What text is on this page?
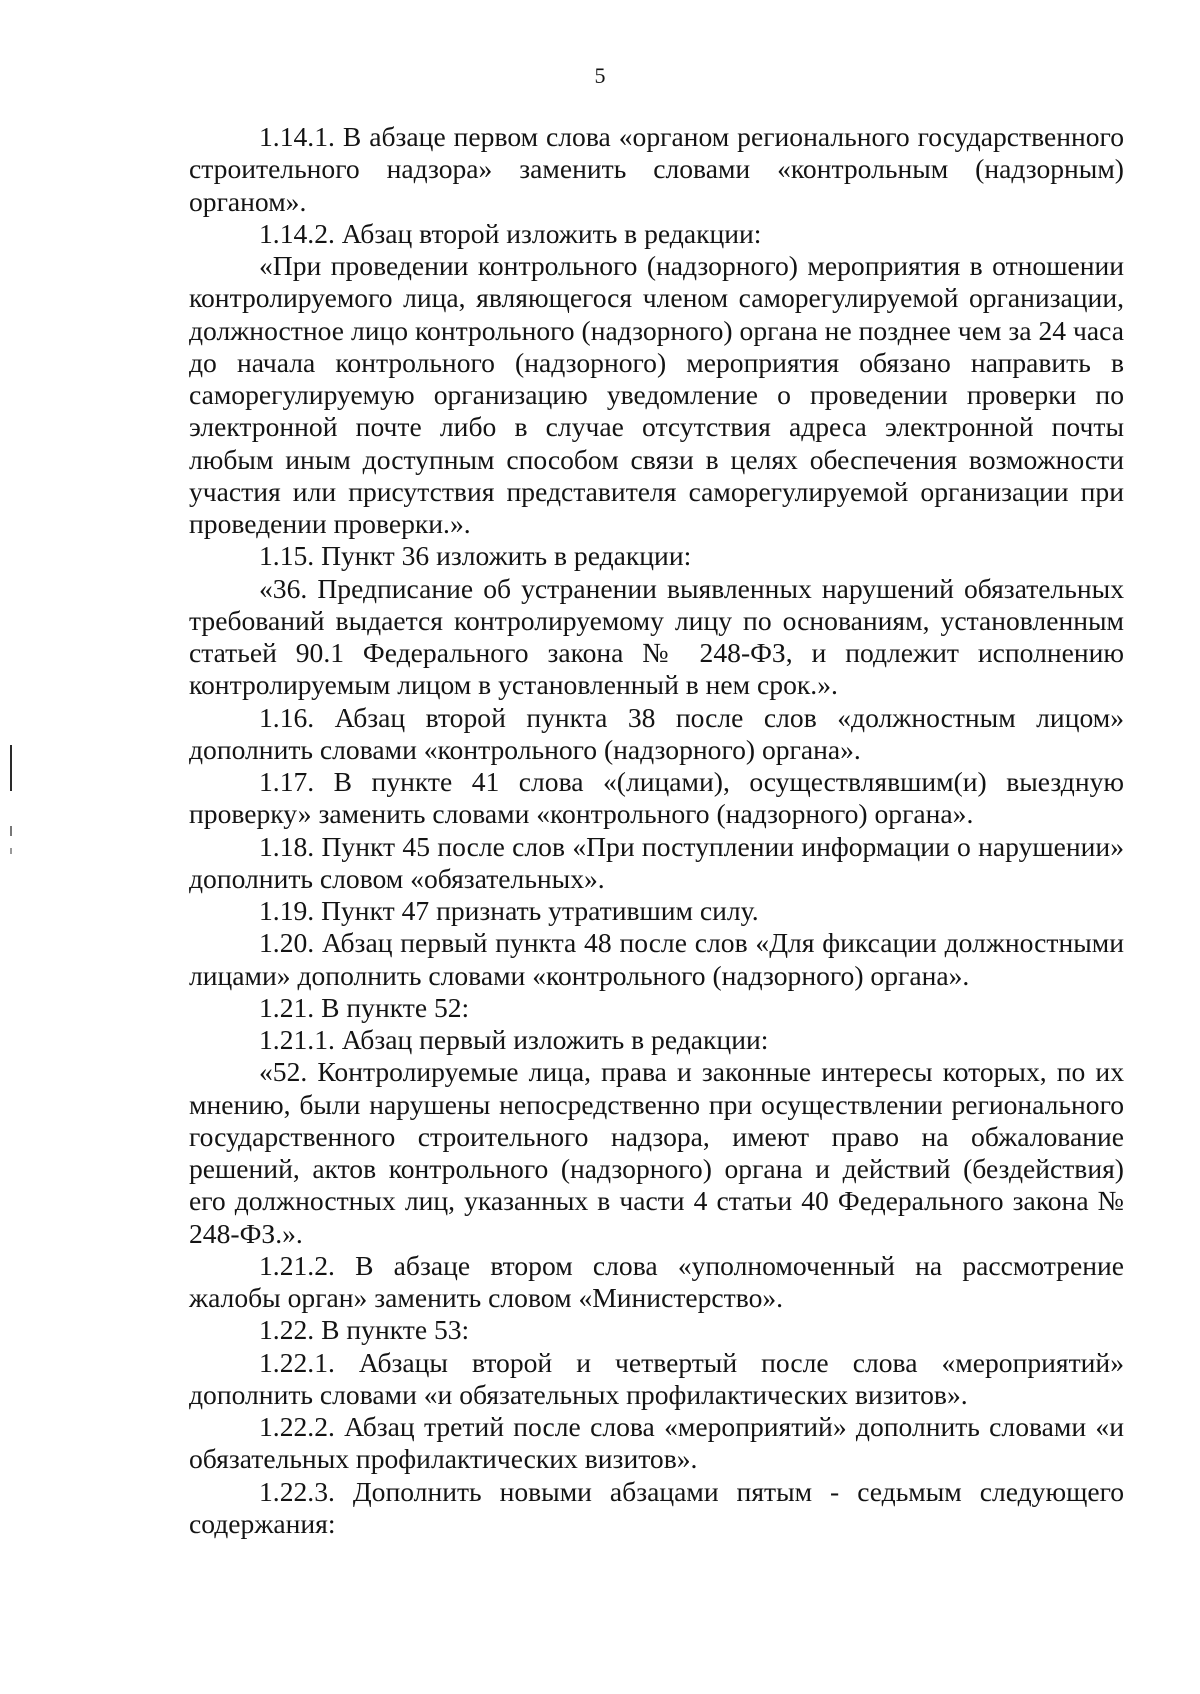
5

1.14.1. В абзаце первом слова «органом регионального государственного строительного надзора» заменить словами «контрольным (надзорным) органом».

1.14.2. Абзац второй изложить в редакции:

«При проведении контрольного (надзорного) мероприятия в отношении контролируемого лица, являющегося членом саморегулируемой организации, должностное лицо контрольного (надзорного) органа не позднее чем за 24 часа до начала контрольного (надзорного) мероприятия обязано направить в саморегулируемую организацию уведомление о проведении проверки по электронной почте либо в случае отсутствия адреса электронной почты любым иным доступным способом связи в целях обеспечения возможности участия или присутствия представителя саморегулируемой организации при проведении проверки.».

1.15. Пункт 36 изложить в редакции:

«36. Предписание об устранении выявленных нарушений обязательных требований выдается контролируемому лицу по основаниям, установленным статьей 90.1 Федерального закона № 248-ФЗ, и подлежит исполнению контролируемым лицом в установленный в нем срок.».

1.16. Абзац второй пункта 38 после слов «должностным лицом» дополнить словами «контрольного (надзорного) органа».

1.17. В пункте 41 слова «(лицами), осуществлявшим(и) выездную проверку» заменить словами «контрольного (надзорного) органа».

1.18. Пункт 45 после слов «При поступлении информации о нарушении» дополнить словом «обязательных».

1.19. Пункт 47 признать утратившим силу.

1.20. Абзац первый пункта 48 после слов «Для фиксации должностными лицами» дополнить словами «контрольного (надзорного) органа».

1.21. В пункте 52:

1.21.1. Абзац первый изложить в редакции:

«52. Контролируемые лица, права и законные интересы которых, по их мнению, были нарушены непосредственно при осуществлении регионального государственного строительного надзора, имеют право на обжалование решений, актов контрольного (надзорного) органа и действий (бездействия) его должностных лиц, указанных в части 4 статьи 40 Федерального закона № 248-ФЗ.».

1.21.2. В абзаце втором слова «уполномоченный на рассмотрение жалобы орган» заменить словом «Министерство».

1.22. В пункте 53:

1.22.1. Абзацы второй и четвертый после слова «мероприятий» дополнить словами «и обязательных профилактических визитов».

1.22.2. Абзац третий после слова «мероприятий» дополнить словами «и обязательных профилактических визитов».

1.22.3. Дополнить новыми абзацами пятым - седьмым следующего содержания:
